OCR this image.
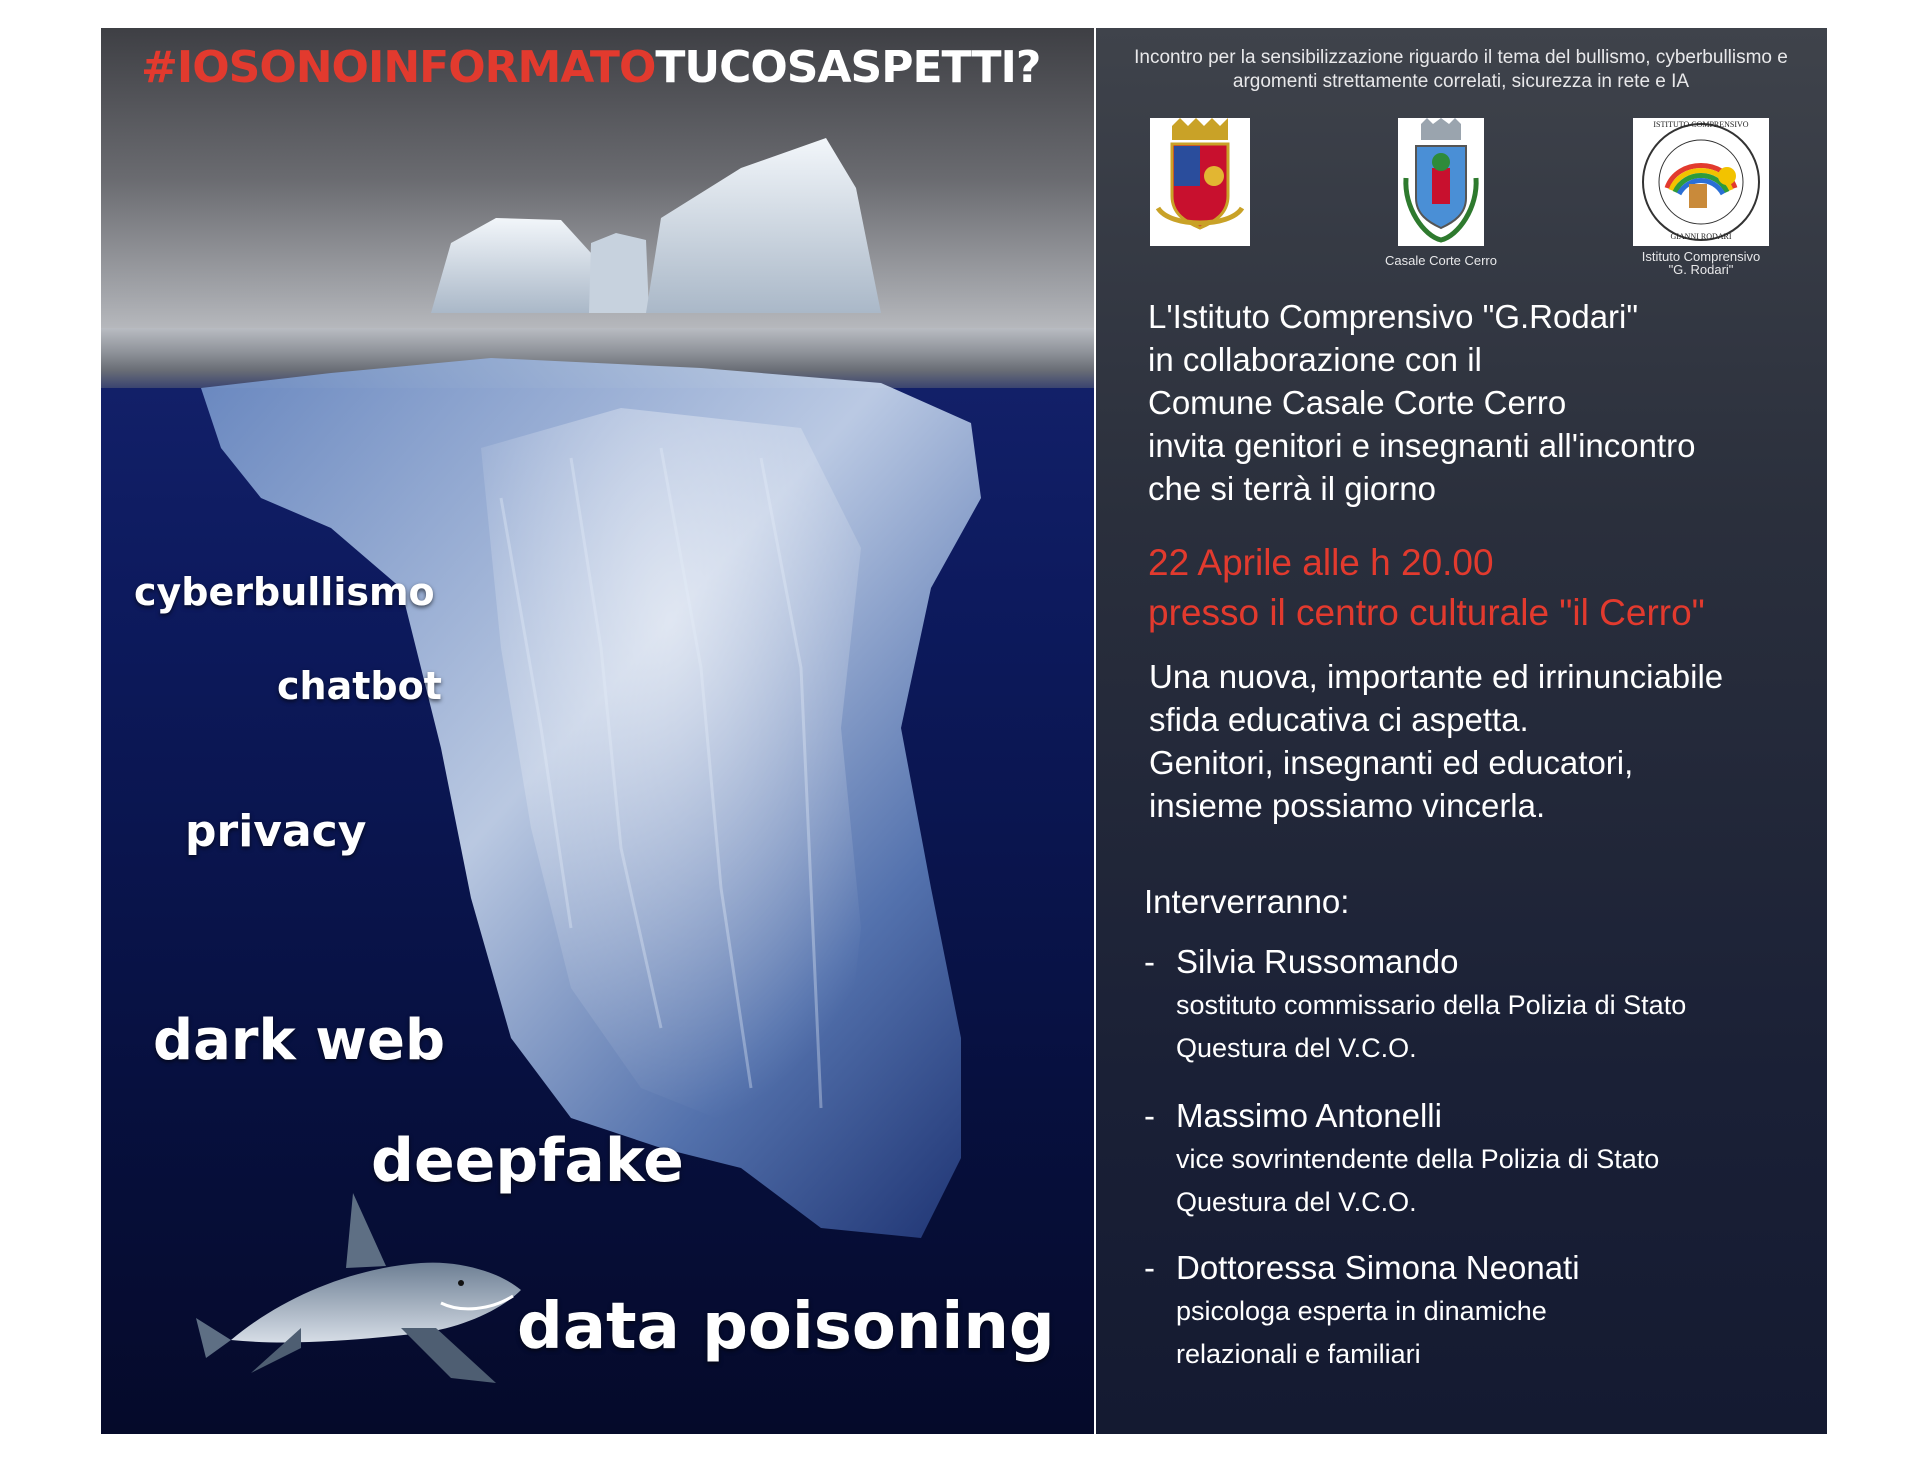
#IOSONOINFORMATOTUCOSASPETTI?
cyberbullismo
chatbot
privacy
dark web
deepfake
data poisoning
Incontro per la sensibilizzazione riguardo il tema del bullismo, cyberbullismo e argomenti strettamente correlati, sicurezza in rete e IA
Casale Corte Cerro
ISTITUTO COMPRENSIVO
GIANNI RODARI
Istituto Comprensivo
"G. Rodari"
L'Istituto Comprensivo "G.Rodari"
in collaborazione con il
Comune Casale Corte Cerro
invita genitori e insegnanti all'incontro
che si terrà il giorno
22 Aprile alle h 20.00
presso il centro culturale "il Cerro"
Una nuova, importante ed irrinunciabile
sfida educativa ci aspetta.
Genitori, insegnanti ed educatori,
insieme possiamo vincerla.
Interverranno:
- Silvia Russomando
sostituto commissario della Polizia di Stato
Questura del V.C.O.
- Massimo Antonelli
vice sovrintendente della Polizia di Stato
Questura del V.C.O.
- Dottoressa Simona Neonati
psicologa esperta in dinamiche
relazionali e familiari
